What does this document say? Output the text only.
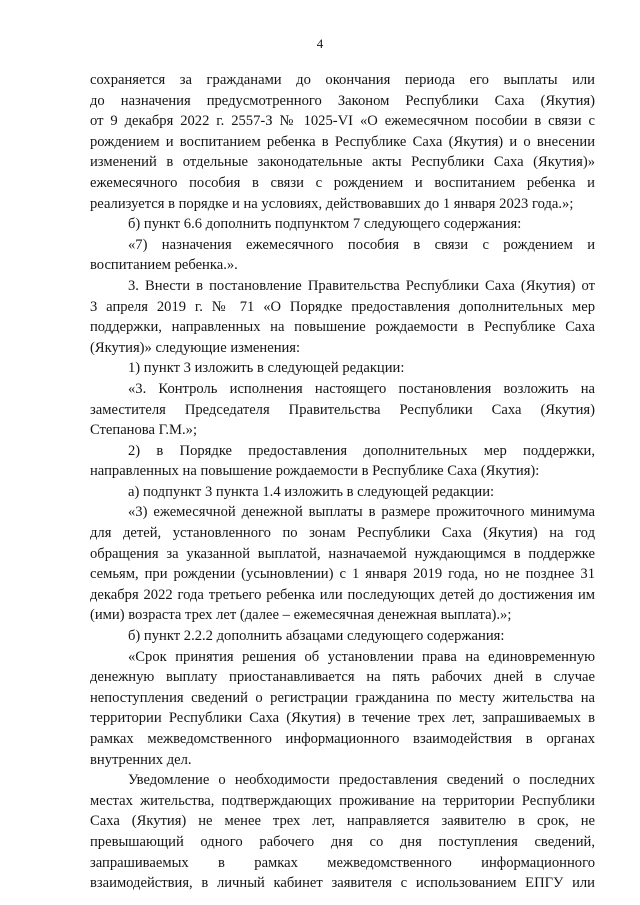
4
сохраняется за гражданами до окончания периода его выплаты или
до назначения предусмотренного Законом Республики Саха (Якутия)
от 9 декабря 2022 г. 2557-З № 1025-VI «О ежемесячном пособии в связи с
рождением и воспитанием ребенка в Республике Саха (Якутия) и о внесении
изменений в отдельные законодательные акты Республики Саха (Якутия)»
ежемесячного пособия в связи с рождением и воспитанием ребенка и
реализуется в порядке и на условиях, действовавших до 1 января 2023 года.»;
б) пункт 6.6 дополнить подпунктом 7 следующего содержания:
«7) назначения ежемесячного пособия в связи с рождением и
воспитанием ребенка.».
3. Внести в постановление Правительства Республики Саха (Якутия) от
3 апреля 2019 г. № 71 «О Порядке предоставления дополнительных мер
поддержки, направленных на повышение рождаемости в Республике Саха
(Якутия)» следующие изменения:
1) пункт 3 изложить в следующей редакции:
«3. Контроль исполнения настоящего постановления возложить на
заместителя Председателя Правительства Республики Саха (Якутия)
Степанова Г.М.»;
2) в Порядке предоставления дополнительных мер поддержки,
направленных на повышение рождаемости в Республике Саха (Якутия):
а) подпункт 3 пункта 1.4 изложить в следующей редакции:
«3) ежемесячной денежной выплаты в размере прожиточного минимума
для детей, установленного по зонам Республики Саха (Якутия) на год
обращения за указанной выплатой, назначаемой нуждающимся в поддержке
семьям, при рождении (усыновлении) с 1 января 2019 года, но не позднее 31
декабря 2022 года третьего ребенка или последующих детей до достижения им
(ими) возраста трех лет (далее – ежемесячная денежная выплата).»;
б) пункт 2.2.2 дополнить абзацами следующего содержания:
«Срок принятия решения об установлении права на единовременную
денежную выплату приостанавливается на пять рабочих дней в случае
непоступления сведений о регистрации гражданина по месту жительства на
территории Республики Саха (Якутия) в течение трех лет, запрашиваемых в
рамках межведомственного информационного взаимодействия в органах
внутренних дел.
Уведомление о необходимости предоставления сведений о последних
местах жительства, подтверждающих проживание на территории Республики
Саха (Якутия) не менее трех лет, направляется заявителю в срок, не
превышающий одного рабочего дня со дня поступления сведений,
запрашиваемых в рамках межведомственного информационного
взаимодействия, в личный кабинет заявителя с использованием ЕПГУ или
